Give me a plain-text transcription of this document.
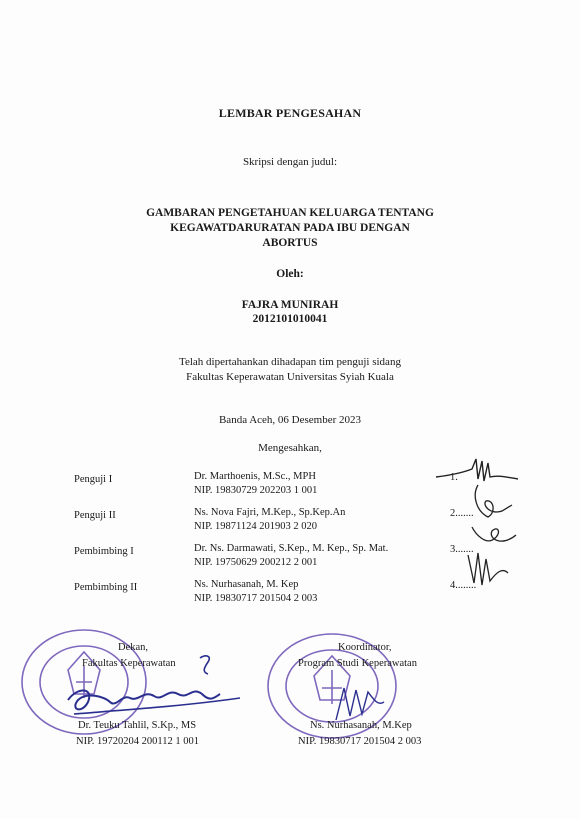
LEMBAR PENGESAHAN
Skripsi dengan judul:
GAMBARAN PENGETAHUAN KELUARGA TENTANG
KEGAWATDARURATAN PADA IBU DENGAN
ABORTUS
Oleh:
FAJRA MUNIRAH
2012101010041
Telah dipertahankan dihadapan tim penguji sidang
Fakultas Keperawatan Universitas Syiah Kuala
Banda Aceh, 06 Desember 2023
Mengesahkan,
Penguji I	Dr. Marthoenis, M.Sc., MPH
NIP. 19830729 202203 1 001
1.
Penguji II	Ns. Nova Fajri, M.Kep., Sp.Kep.An
NIP. 19871124 201903 2 020
2.......
Pembimbing I	Dr. Ns. Darmawati, S.Kep., M. Kep., Sp. Mat.
NIP. 19750629 200212 2 001
3.......
Pembimbing II	Ns. Nurhasanah, M. Kep
NIP. 19830717 201504 2 003
4........
Dekan,
Fakultas Keperawatan
Dr. Teuku Tahlil, S.Kp., MS
NIP. 19720204 200112 1 001
Koordinator,
Program Studi Keperawatan
Ns. Nurhasanah, M.Kep
NIP. 19830717 201504 2 003
